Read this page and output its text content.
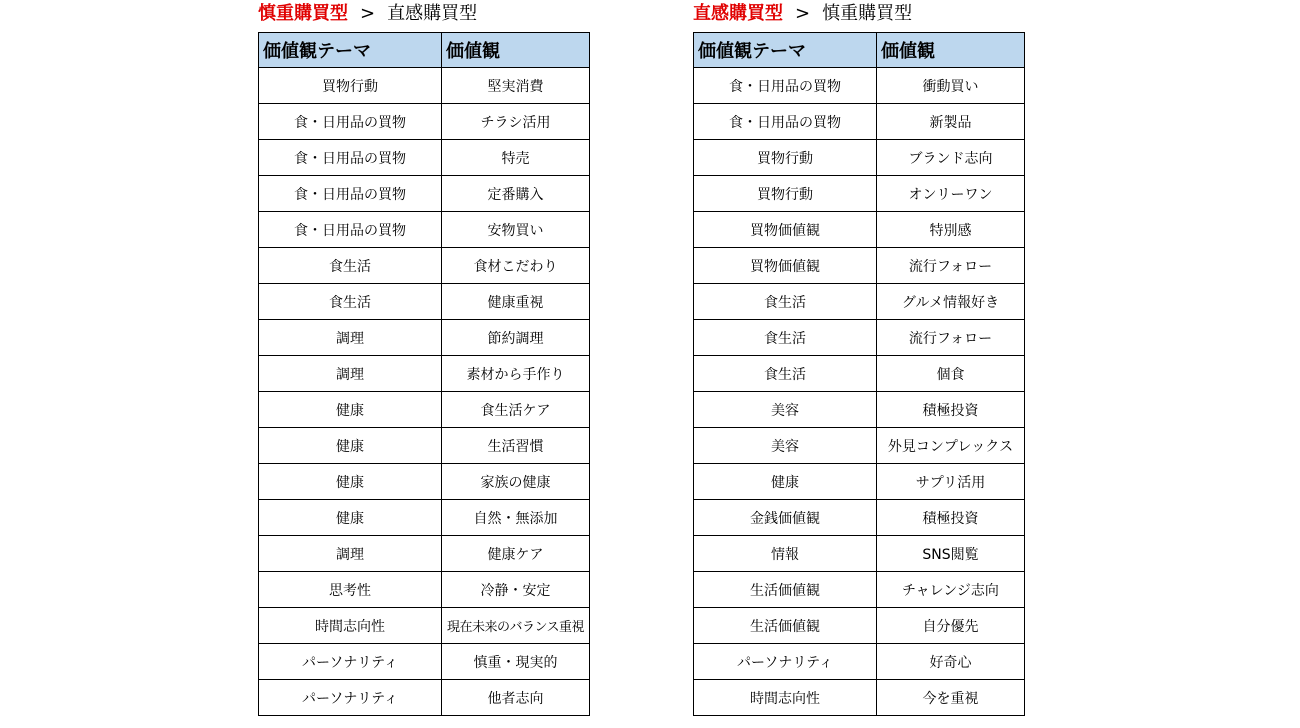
慎重購買型 > 直感購買型
価値観テーマ	価値観
買物行動	堅実消費
食・日用品の買物	チラシ活用
食・日用品の買物	特売
食・日用品の買物	定番購入
食・日用品の買物	安物買い
食生活	食材こだわり
食生活	健康重視
調理	節約調理
調理	素材から手作り
健康	食生活ケア
健康	生活習慣
健康	家族の健康
健康	自然・無添加
調理	健康ケア
思考性	冷静・安定
時間志向性	現在未来のバランス重視
パーソナリティ	慎重・現実的
パーソナリティ	他者志向
直感購買型 > 慎重購買型
価値観テーマ	価値観
食・日用品の買物	衝動買い
食・日用品の買物	新製品
買物行動	ブランド志向
買物行動	オンリーワン
買物価値観	特別感
買物価値観	流行フォロー
食生活	グルメ情報好き
食生活	流行フォロー
食生活	個食
美容	積極投資
美容	外見コンプレックス
健康	サプリ活用
金銭価値観	積極投資
情報	SNS閲覧
生活価値観	チャレンジ志向
生活価値観	自分優先
パーソナリティ	好奇心
時間志向性	今を重視
